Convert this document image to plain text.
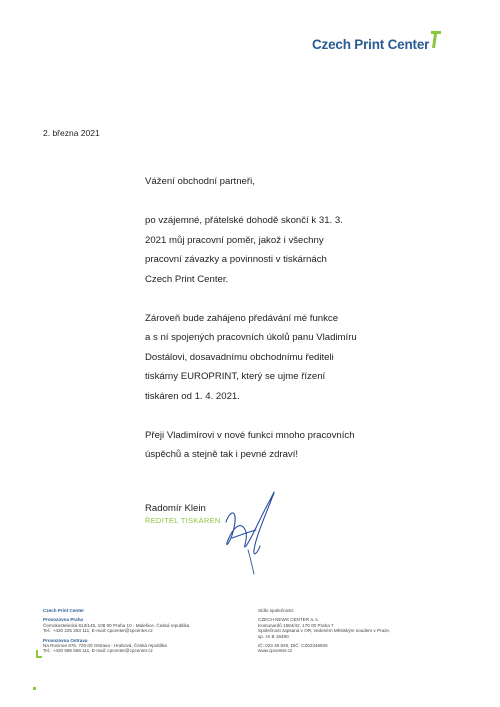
Czech Print Center
2. března 2021

Vážení obchodní partneři,

po vzájemné, přátelské dohodě skončí k 31. 3.
2021 můj pracovní poměr, jakož i všechny
pracovní závazky a povinnosti v tiskárnách
Czech Print Center.

Zároveň bude zahájeno předávání mé funkce
a s ní spojených pracovních úkolů panu Vladimíru
Dostálovi, dosavadnímu obchodnímu řediteli
tiskárny EUROPRINT, který se ujme řízení
tiskáren od 1. 4. 2021.

Přeji Vladimírovi v nové funkci mnoho pracovních
úspěchů a stejně tak i pevné zdraví!

Radomír Klein
ŘEDITEL TISKÁREN
Czech Print Center
Provozovna Praha
Černokostelecká 613/145, 108 00 Praha 10 - Malešice, Česká republika
Tel.: +420 225 283 111, E-mail: cpcenter@cpcenter.cz
Provozovna Ostrava
Na Rovinoe 876, 720 00 Ostrava - Hrabová, Česká republika
Tel.: +420 596 668 111, E-mail: cpcenter@cpcenter.cz
Sídlo společnosti:
CZECH NEWS CENTER a. s.
Komunardů 1584/42, 170 00 Praha 7
Společnost zapsaná v OR, vedeném Městským soudem v Praze,
sp. zn B 19490
IČ: 023 46 826, DIČ: CZ02346826
www.cpcenter.cz
